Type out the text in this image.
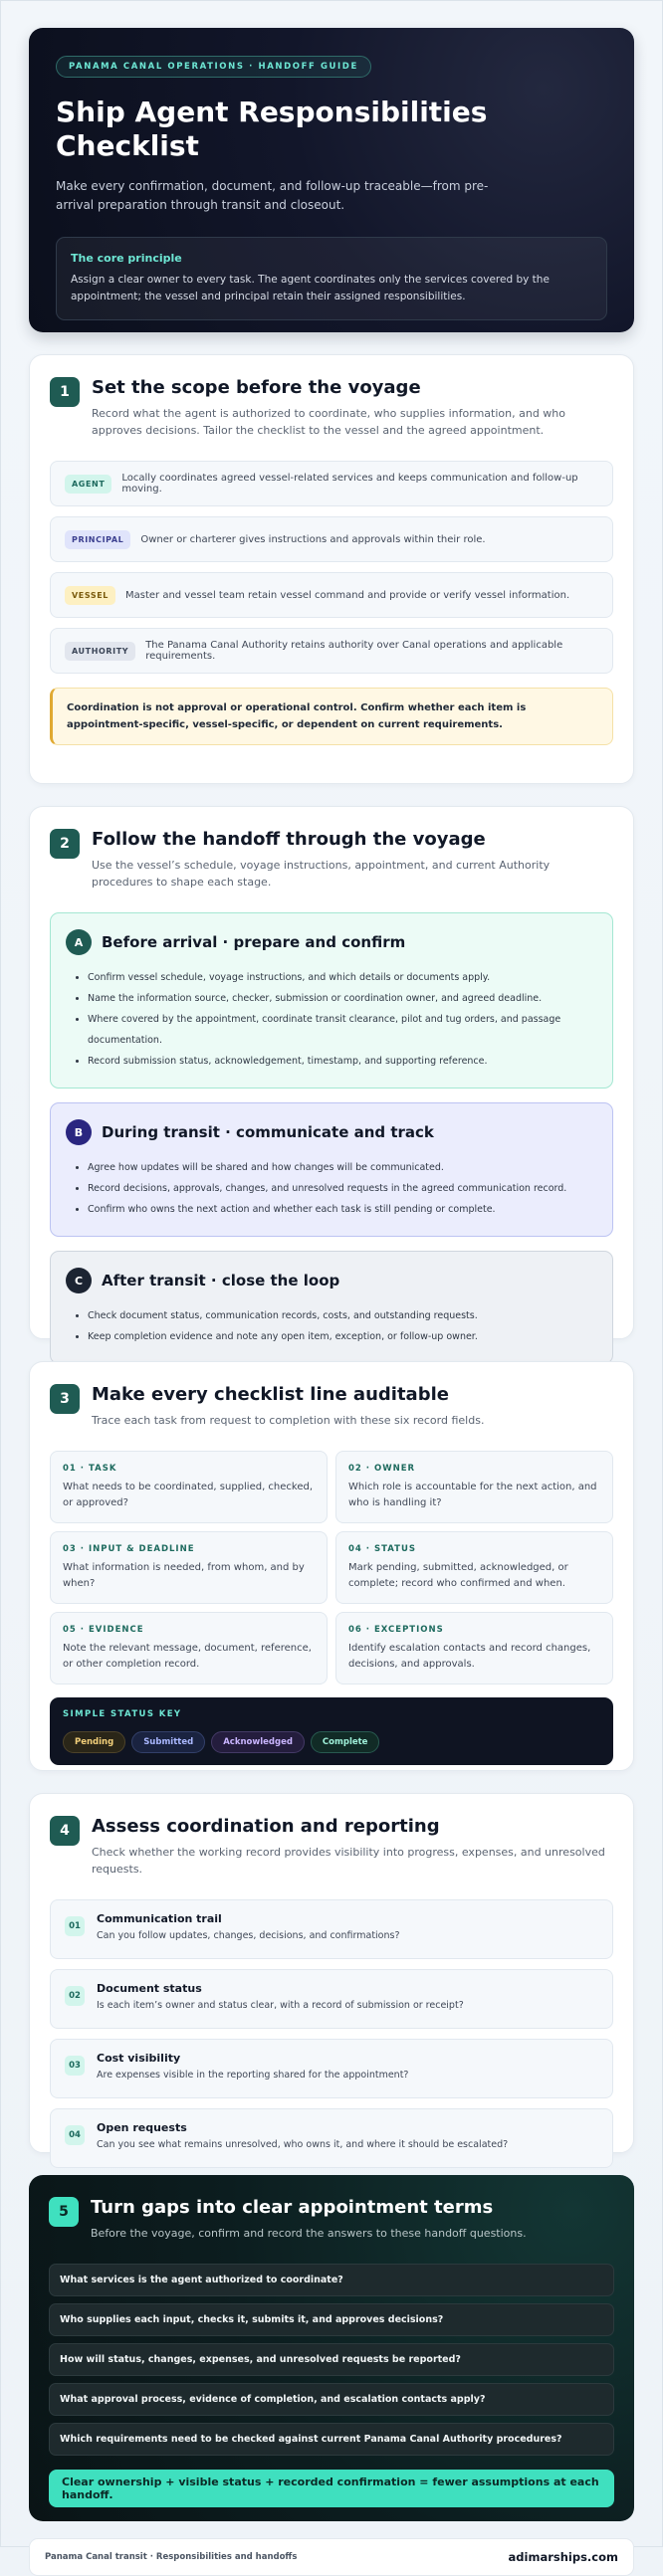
PANAMA CANAL OPERATIONS · HANDOFF GUIDE
Ship Agent Responsibilities Checklist
Make every confirmation, document, and follow-up traceable—from pre-arrival preparation through transit and closeout.
The core principle
Assign a clear owner to every task. The agent coordinates only the services covered by the appointment; the vessel and principal retain their assigned responsibilities.
1	Set the scope before the voyage
Record what the agent is authorized to coordinate, who supplies information, and who approves decisions. Tailor the checklist to the vessel and the agreed appointment.
AGENT	Locally coordinates agreed vessel-related services and keeps communication and follow-up moving.
PRINCIPAL	Owner or charterer gives instructions and approvals within their role.
VESSEL	Master and vessel team retain vessel command and provide or verify vessel information.
AUTHORITY	The Panama Canal Authority retains authority over Canal operations and applicable requirements.
Coordination is not approval or operational control. Confirm whether each item is appointment-specific, vessel-specific, or dependent on current requirements.
2	Follow the handoff through the voyage
Use the vessel’s schedule, voyage instructions, appointment, and current Authority procedures to shape each stage.
A	Before arrival · prepare and confirm
• Confirm vessel schedule, voyage instructions, and which details or documents apply.
• Name the information source, checker, submission or coordination owner, and agreed deadline.
• Where covered by the appointment, coordinate transit clearance, pilot and tug orders, and passage documentation.
• Record submission status, acknowledgement, timestamp, and supporting reference.
B	During transit · communicate and track
• Agree how updates will be shared and how changes will be communicated.
• Record decisions, approvals, changes, and unresolved requests in the agreed communication record.
• Confirm who owns the next action and whether each task is still pending or complete.
C	After transit · close the loop
• Check document status, communication records, costs, and outstanding requests.
• Keep completion evidence and note any open item, exception, or follow-up owner.
3	Make every checklist line auditable
Trace each task from request to completion with these six record fields.
01 · TASK
What needs to be coordinated, supplied, checked, or approved?
02 · OWNER
Which role is accountable for the next action, and who is handling it?
03 · INPUT & DEADLINE
What information is needed, from whom, and by when?
04 · STATUS
Mark pending, submitted, acknowledged, or complete; record who confirmed and when.
05 · EVIDENCE
Note the relevant message, document, reference, or other completion record.
06 · EXCEPTIONS
Identify escalation contacts and record changes, decisions, and approvals.
SIMPLE STATUS KEY
Pending	Submitted	Acknowledged	Complete
4	Assess coordination and reporting
Check whether the working record provides visibility into progress, expenses, and unresolved requests.
01
Communication trail
Can you follow updates, changes, decisions, and confirmations?
02
Document status
Is each item’s owner and status clear, with a record of submission or receipt?
03
Cost visibility
Are expenses visible in the reporting shared for the appointment?
04
Open requests
Can you see what remains unresolved, who owns it, and where it should be escalated?
5	Turn gaps into clear appointment terms
Before the voyage, confirm and record the answers to these handoff questions.
What services is the agent authorized to coordinate?
Who supplies each input, checks it, submits it, and approves decisions?
How will status, changes, expenses, and unresolved requests be reported?
What approval process, evidence of completion, and escalation contacts apply?
Which requirements need to be checked against current Panama Canal Authority procedures?
Clear ownership + visible status + recorded confirmation = fewer assumptions at each handoff.
Panama Canal transit · Responsibilities and handoffs	adimarships.com
